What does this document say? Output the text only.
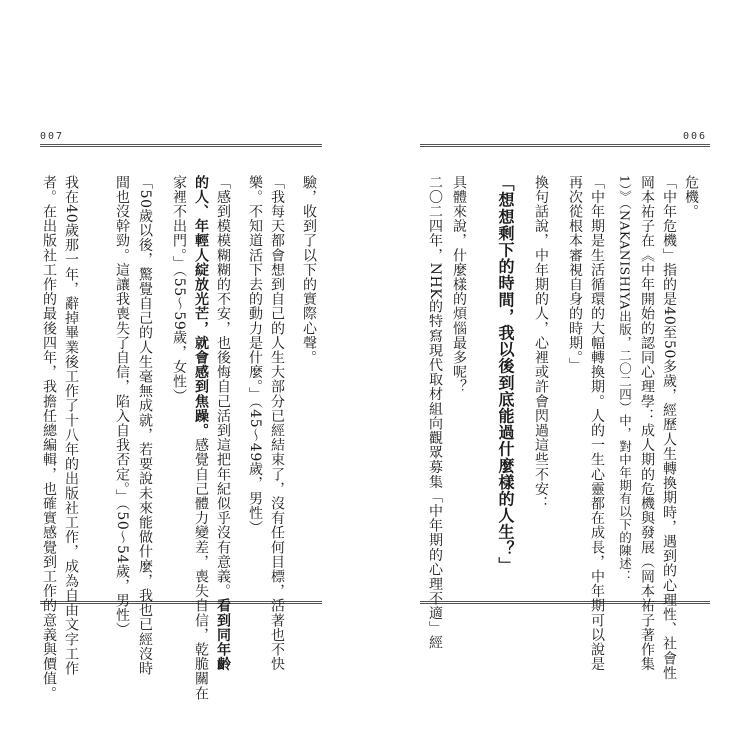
007
驗，收到了以下的實際心聲。
「我每天都會想到自己的人生大部分已經結束了，沒有任何目標，活著也不快
樂。不知道活下去的動力是什麼。」（45～49歲，男性）
「感到模模糊糊的不安，也後悔自己活到這把年紀似乎沒有意義。看到同年齡
的人、年輕人綻放光芒，就會感到焦躁。感覺自己體力變差，喪失自信，乾脆關在
家裡不出門。」（55～59歲，女性）
「50歲以後，驚覺自己的人生毫無成就，若要說未來能做什麼，我也已經沒時
間也沒幹勁。這讓我喪失了自信，陷入自我否定。」（50～54歲，男性）
我在40歲那一年，辭掉畢業後工作了十八年的出版社工作，成為自由文字工作
者。在出版社工作的最後四年，我擔任總編輯，也確實感覺到工作的意義與價值。
006
危機。
「中年危機」指的是40至50多歲，經歷人生轉換期時，遇到的心理性、社會性
岡本祐子在《中年開始的認同心理學：成人期的危機與發展（岡本祐子著作集
1）》（NAKANISHIYA出版，二〇二四）中，對中年期有以下的陳述：
「中年期是生活循環的大幅轉換期。人的一生心靈都在成長，中年期可以說是
再次從根本審視自身的時期。」
換句話說，中年期的人，心裡或許會閃過這些不安：
「想想剩下的時間，我以後到底能過什麼樣的人生？」
具體來說，什麼樣的煩惱最多呢？
二〇二四年，NHK的特寫現代取材組向觀眾募集「中年期的心理不適」經
